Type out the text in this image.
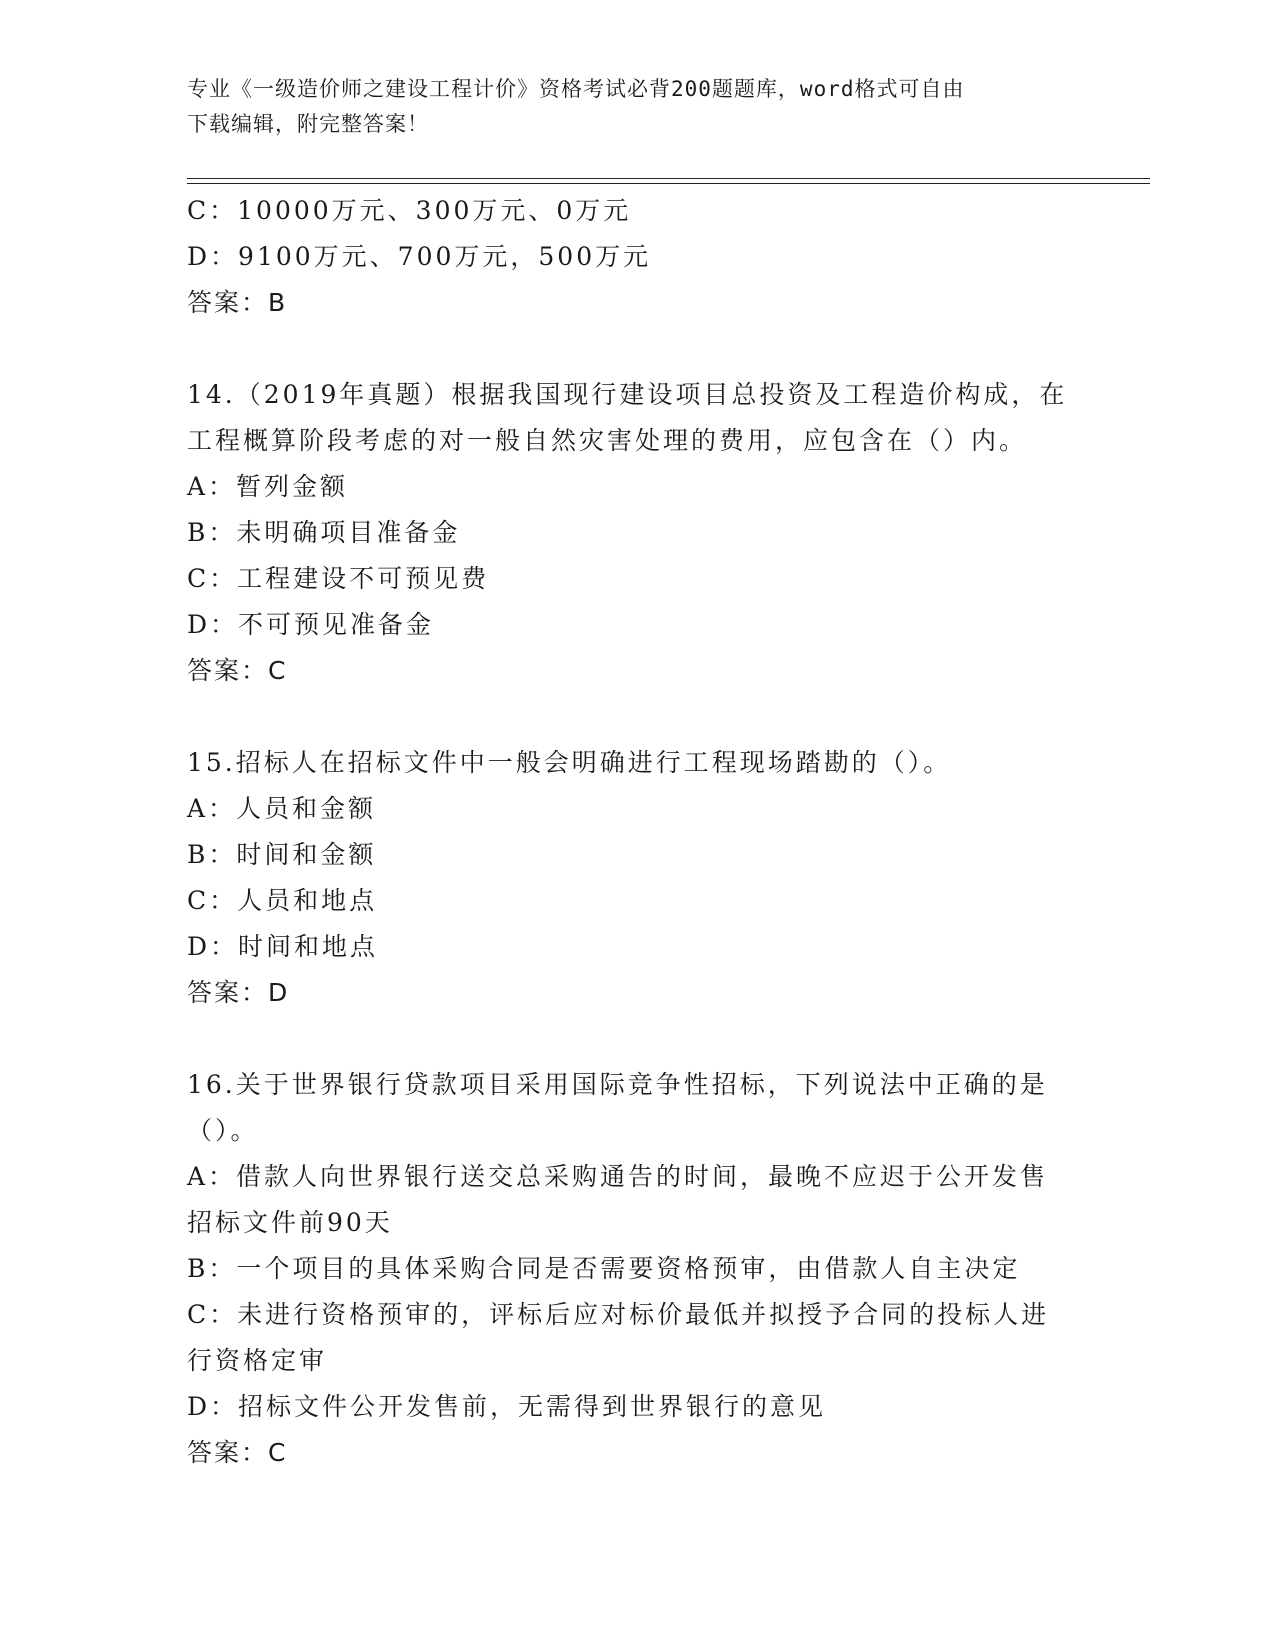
专业《一级造价师之建设工程计价》资格考试必背200题题库，word格式可自由
下载编辑，附完整答案！
C：10000万元、300万元、0万元
D：9100万元、700万元，500万元
答案：B
14.（2019年真题）根据我国现行建设项目总投资及工程造价构成，在
工程概算阶段考虑的对一般自然灾害处理的费用，应包含在（）内。
A：暂列金额
B：未明确项目准备金
C：工程建设不可预见费
D：不可预见准备金
答案：C
15.招标人在招标文件中一般会明确进行工程现场踏勘的（）。
A：人员和金额
B：时间和金额
C：人员和地点
D：时间和地点
答案：D
16.关于世界银行贷款项目采用国际竞争性招标，下列说法中正确的是
（）。
A：借款人向世界银行送交总采购通告的时间，最晚不应迟于公开发售
招标文件前90天
B：一个项目的具体采购合同是否需要资格预审，由借款人自主决定
C：未进行资格预审的，评标后应对标价最低并拟授予合同的投标人进
行资格定审
D：招标文件公开发售前，无需得到世界银行的意见
答案：C
